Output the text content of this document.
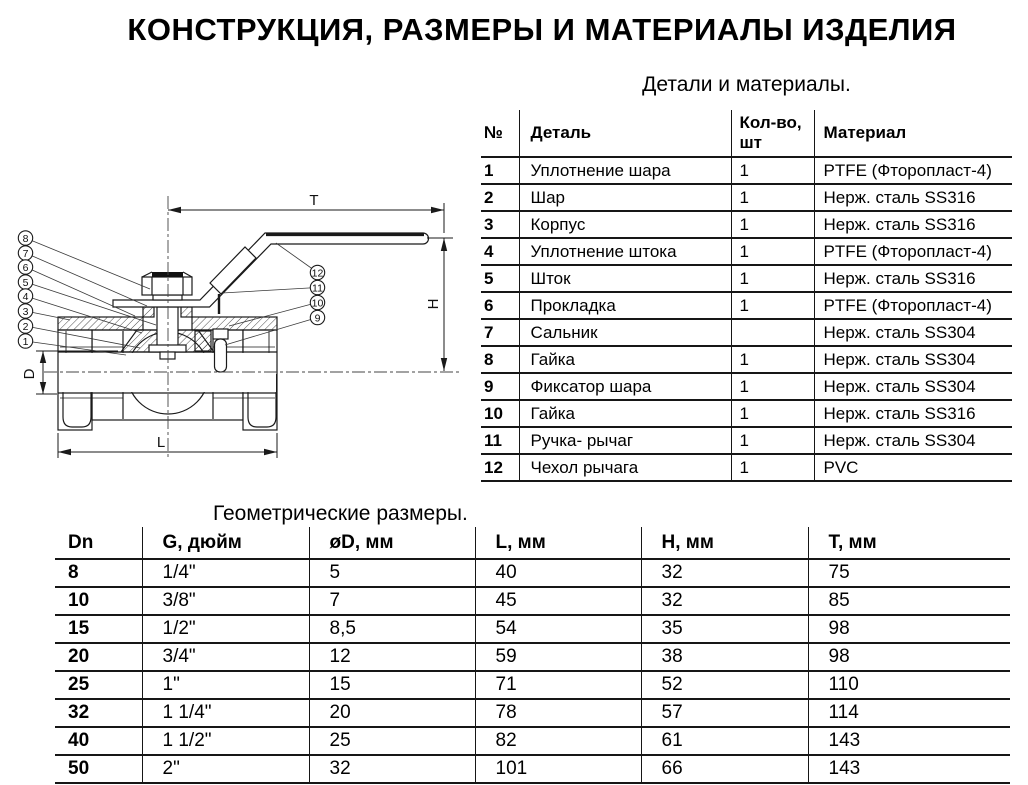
КОНСТРУКЦИЯ, РАЗМЕРЫ И МАТЕРИАЛЫ ИЗДЕЛИЯ
Детали и материалы.
№	Деталь	Кол-во, шт	Материал
1	Уплотнение шара	1	PTFE (Фторопласт-4)
2	Шар	1	Нерж. сталь SS316
3	Корпус	1	Нерж. сталь SS316
4	Уплотнение штока	1	PTFE (Фторопласт-4)
5	Шток	1	Нерж. сталь SS316
6	Прокладка	1	PTFE (Фторопласт-4)
7	Сальник		Нерж. сталь SS304
8	Гайка	1	Нерж. сталь SS304
9	Фиксатор шара	1	Нерж. сталь SS304
10	Гайка	1	Нерж. сталь SS316
11	Ручка- рычаг	1	Нерж. сталь SS304
12	Чехол рычага	1	PVC
Геометрические размеры.
Dn	G, дюйм	øD, мм	L, мм	H, мм	T, мм
8	1/4"	5	40	32	75
10	3/8"	7	45	32	85
15	1/2"	8,5	54	35	98
20	3/4"	12	59	38	98
25	1"	15	71	52	110
32	1 1/4"	20	78	57	114
40	1 1/2"	25	82	61	143
50	2"	32	101	66	143
T
H
D
L
8
7
6
5
4
3
2
1
12
11
10
9
